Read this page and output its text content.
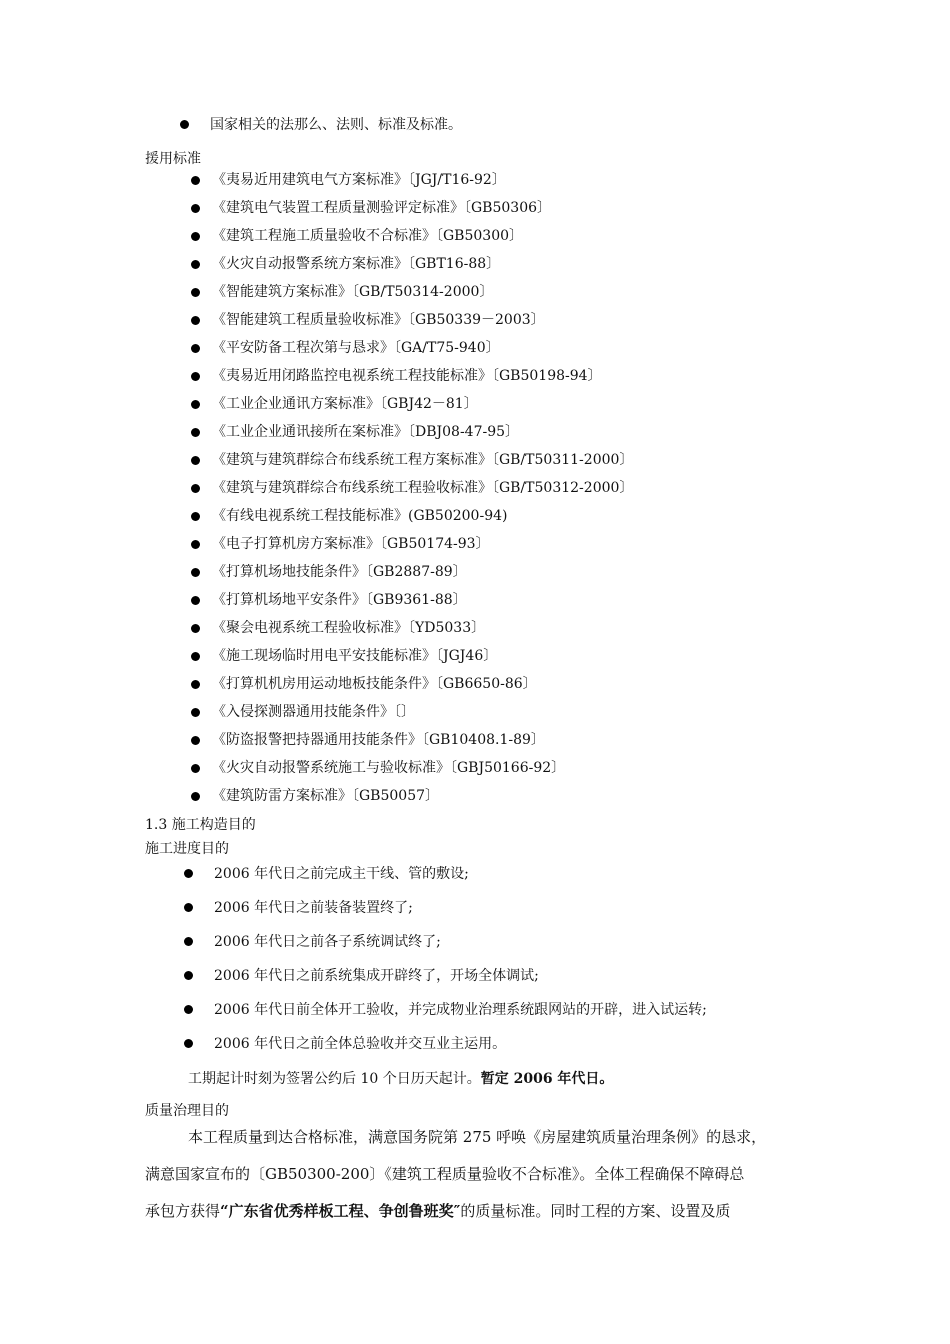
国家相关的法那么、法则、标准及标准。
援用标准
《夷易近用建筑电气方案标准》〔JGJ/T16-92〕
《建筑电气装置工程质量测验评定标准》〔GB50306〕
《建筑工程施工质量验收不合标准》〔GB50300〕
《火灾自动报警系统方案标准》〔GBT16-88〕
《智能建筑方案标准》〔GB/T50314-2000〕
《智能建筑工程质量验收标准》〔GB50339－2003〕
《平安防备工程次第与恳求》〔GA/T75-940〕
《夷易近用闭路监控电视系统工程技能标准》〔GB50198-94〕
《工业企业通讯方案标准》〔GBJ42－81〕
《工业企业通讯接所在案标准》〔DBJ08-47-95〕
《建筑与建筑群综合布线系统工程方案标准》〔GB/T50311-2000〕
《建筑与建筑群综合布线系统工程验收标准》〔GB/T50312-2000〕
《有线电视系统工程技能标准》(GB50200-94)
《电子打算机房方案标准》〔GB50174-93〕
《打算机场地技能条件》〔GB2887-89〕
《打算机场地平安条件》〔GB9361-88〕
《聚会电视系统工程验收标准》〔YD5033〕
《施工现场临时用电平安技能标准》〔JGJ46〕
《打算机机房用运动地板技能条件》〔GB6650-86〕
《入侵探测器通用技能条件》〔〕
《防盗报警把持器通用技能条件》〔GB10408.1-89〕
《火灾自动报警系统施工与验收标准》〔GBJ50166-92〕
《建筑防雷方案标准》〔GB50057〕
1.3 施工构造目的
施工进度目的
2006 年代日之前完成主干线、管的敷设;
2006 年代日之前装备装置终了;
2006 年代日之前各子系统调试终了;
2006 年代日之前系统集成开辟终了，开场全体调试;
2006 年代日前全体开工验收，并完成物业治理系统跟网站的开辟，进入试运转;
2006 年代日之前全体总验收并交互业主运用。
工期起计时刻为签署公约后 10 个日历天起计。暂定 2006 年代日。
质量治理目的
本工程质量到达合格标准，满意国务院第 275 呼唤《房屋建筑质量治理条例》的恳求，
满意国家宣布的〔GB50300-200〕《建筑工程质量验收不合标准》。全体工程确保不障碍总
承包方获得“广东省优秀样板工程、争创鲁班奖″的质量标准。同时工程的方案、设置及质
